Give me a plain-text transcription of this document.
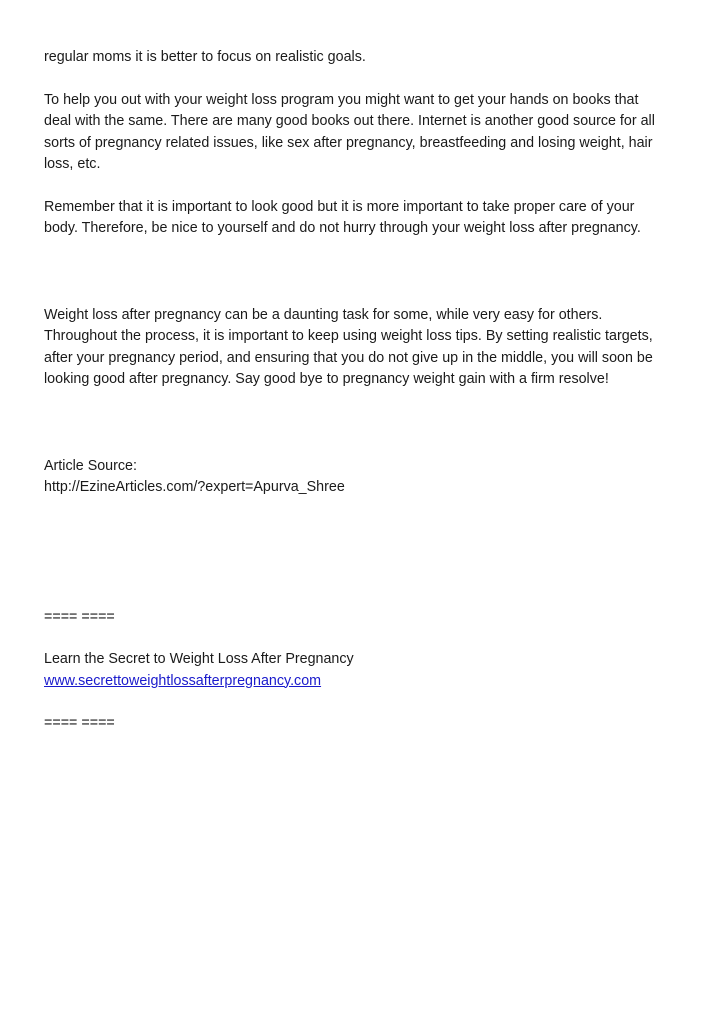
regular moms it is better to focus on realistic goals.
To help you out with your weight loss program you might want to get your hands on books that
deal with the same. There are many good books out there. Internet is another good source for all
sorts of pregnancy related issues, like sex after pregnancy, breastfeeding and losing weight, hair
loss, etc.
Remember that it is important to look good but it is more important to take proper care of your
body. Therefore, be nice to yourself and do not hurry through your weight loss after pregnancy.
Weight loss after pregnancy can be a daunting task for some, while very easy for others.
Throughout the process, it is important to keep using weight loss tips. By setting realistic targets,
after your pregnancy period, and ensuring that you do not give up in the middle, you will soon be
looking good after pregnancy. Say good bye to pregnancy weight gain with a firm resolve!
Article Source:
http://EzineArticles.com/?expert=Apurva_Shree
==== ====
Learn the Secret to Weight Loss After Pregnancy
www.secrettoweightlossafterpregnancy.com
==== ====
